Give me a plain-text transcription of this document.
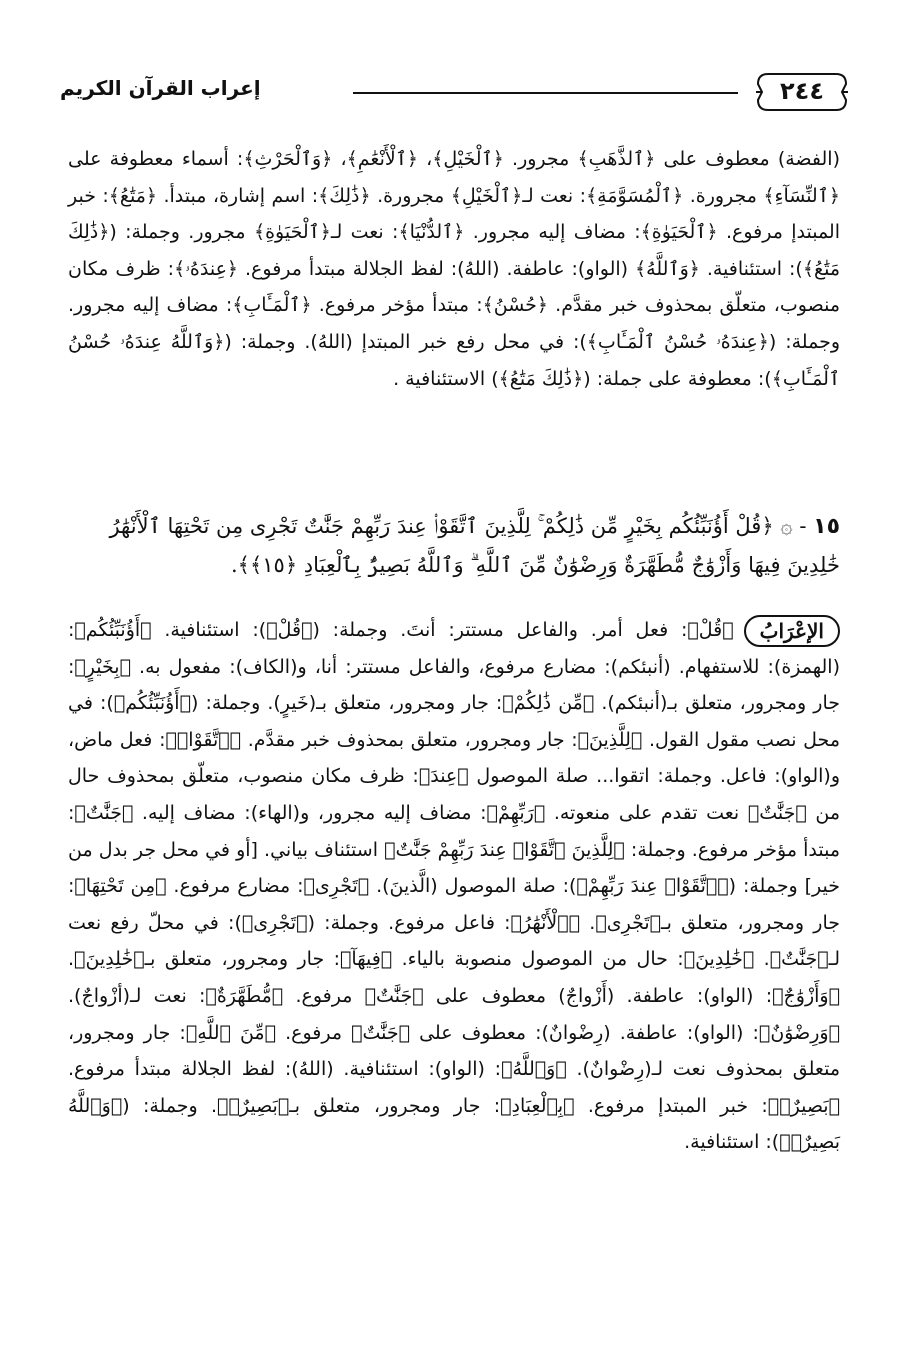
٢٤٤
إعراب القرآن الكريم
(الفضة) معطوف على ﴿ٱلذَّهَبِ﴾ مجرور. ﴿ٱلْخَيْلِ﴾، ﴿ٱلْأَنْعَٰمِ﴾، ﴿وَٱلْحَرْثِ﴾: أسماء معطوفة على ﴿ٱلنِّسَآءِ﴾ مجرورة. ﴿ٱلْمُسَوَّمَةِ﴾: نعت لـ﴿ٱلْخَيْلِ﴾ مجرورة. ﴿ذَٰلِكَ﴾: اسم إشارة، مبتدأ. ﴿مَتَٰعُ﴾: خبر المبتدإ مرفوع. ﴿ٱلْحَيَوٰةِ﴾: مضاف إليه مجرور. ﴿ٱلدُّنْيَا﴾: نعت لـ﴿ٱلْحَيَوٰةِ﴾ مجرور. وجملة: (﴿ذَٰلِكَ مَتَٰعُ﴾): استئنافية. ﴿وَٱللَّهُ﴾ (الواو): عاطفة. (اللهُ): لفظ الجلالة مبتدأ مرفوع. ﴿عِندَهُۥ﴾: ظرف مكان منصوب، متعلّق بمحذوف خبر مقدَّم. ﴿حُسْنُ﴾: مبتدأ مؤخر مرفوع. ﴿ٱلْمَـَٔابِ﴾: مضاف إليه مجرور. وجملة: (﴿عِندَهُۥ حُسْنُ ٱلْمَـَٔابِ﴾): في محل رفع خبر المبتدإ (اللهُ). وجملة: (﴿وَٱللَّهُ عِندَهُۥ حُسْنُ ٱلْمَـَٔابِ﴾): معطوفة على جملة: (﴿ذَٰلِكَ مَتَٰعُ﴾) الاستئنافية .
١٥ - ۞ ﴿قُلْ أَؤُنَبِّئُكُم بِخَيْرٍ مِّن ذَٰلِكُمْ ۚ لِلَّذِينَ ٱتَّقَوْا۟ عِندَ رَبِّهِمْ جَنَّٰتٌ تَجْرِى مِن تَحْتِهَا ٱلْأَنْهَٰرُ خَٰلِدِينَ فِيهَا وَأَزْوَٰجٌ مُّطَهَّرَةٌ وَرِضْوَٰنٌ مِّنَ ٱللَّهِ ۗ وَٱللَّهُ بَصِيرٌۢ بِٱلْعِبَادِ ﴿١٥﴾﴾.
الإعْرَابُ﴿قُلْ﴾: فعل أمر. والفاعل مستتر: أنتَ. وجملة: (﴿قُلْ﴾): استئنافية. ﴿أَؤُنَبِّئُكُم﴾: (الهمزة): للاستفهام. (أنبئكم): مضارع مرفوع، والفاعل مستتر: أنا، و(الكاف): مفعول به. ﴿بِخَيْرٍ﴾: جار ومجرور، متعلق بـ(أنبئكم). ﴿مِّن ذَٰلِكُمْ﴾: جار ومجرور، متعلق بـ(خَيرٍ). وجملة: (﴿أَؤُنَبِّئُكُم﴾): في محل نصب مقول القول. ﴿لِلَّذِينَ﴾: جار ومجرور، متعلق بمحذوف خبر مقدَّم. ﴿ٱتَّقَوْا۟﴾: فعل ماض، و(الواو): فاعل. وجملة: اتقوا... صلة الموصول ﴿عِندَ﴾: ظرف مكان منصوب، متعلّق بمحذوف حال من ﴿جَنَّٰتٌ﴾ نعت تقدم على منعوته. ﴿رَبِّهِمْ﴾: مضاف إليه مجرور، و(الهاء): مضاف إليه. ﴿جَنَّٰتٌ﴾: مبتدأ مؤخر مرفوع. وجملة: ﴿لِلَّذِينَ ٱتَّقَوْا۟ عِندَ رَبِّهِمْ جَنَّٰتٌ﴾ استئناف بياني. [أو في محل جر بدل من خير] وجملة: (﴿ٱتَّقَوْا۟ عِندَ رَبِّهِمْ﴾): صلة الموصول (الَّذينَ). ﴿تَجْرِى﴾: مضارع مرفوع. ﴿مِن تَحْتِهَا﴾: جار ومجرور، متعلق بـ﴿تَجْرِى﴾. ﴿ٱلْأَنْهَٰرُ﴾: فاعل مرفوع. وجملة: (﴿تَجْرِى﴾): في محلّ رفع نعت لـ﴿جَنَّٰتٌ﴾. ﴿خَٰلِدِينَ﴾: حال من الموصول منصوبة بالياء. ﴿فِيهَآ﴾: جار ومجرور، متعلق بـ﴿خَٰلِدِينَ﴾. ﴿وَأَزْوَٰجٌ﴾: (الواو): عاطفة. (أَزْواجٌ) معطوف على ﴿جَنَّٰتٌ﴾ مرفوع. ﴿مُّطَهَّرَةٌ﴾: نعت لـ(أزْواجٌ). ﴿وَرِضْوَٰنٌ﴾: (الواو): عاطفة. (رِضْوانٌ): معطوف على ﴿جَنَّٰتٌ﴾ مرفوع. ﴿مِّنَ ٱللَّهِ﴾: جار ومجرور، متعلق بمحذوف نعت لـ(رِضْوانٌ). ﴿وَٱللَّهُ﴾: (الواو): استئنافية. (اللهُ): لفظ الجلالة مبتدأ مرفوع. ﴿بَصِيرٌۢ﴾: خبر المبتدإ مرفوع. ﴿بِٱلْعِبَادِ﴾: جار ومجرور، متعلق بـ﴿بَصِيرٌۢ﴾. وجملة: (﴿وَٱللَّهُ بَصِيرٌۢ﴾): استئنافية.
